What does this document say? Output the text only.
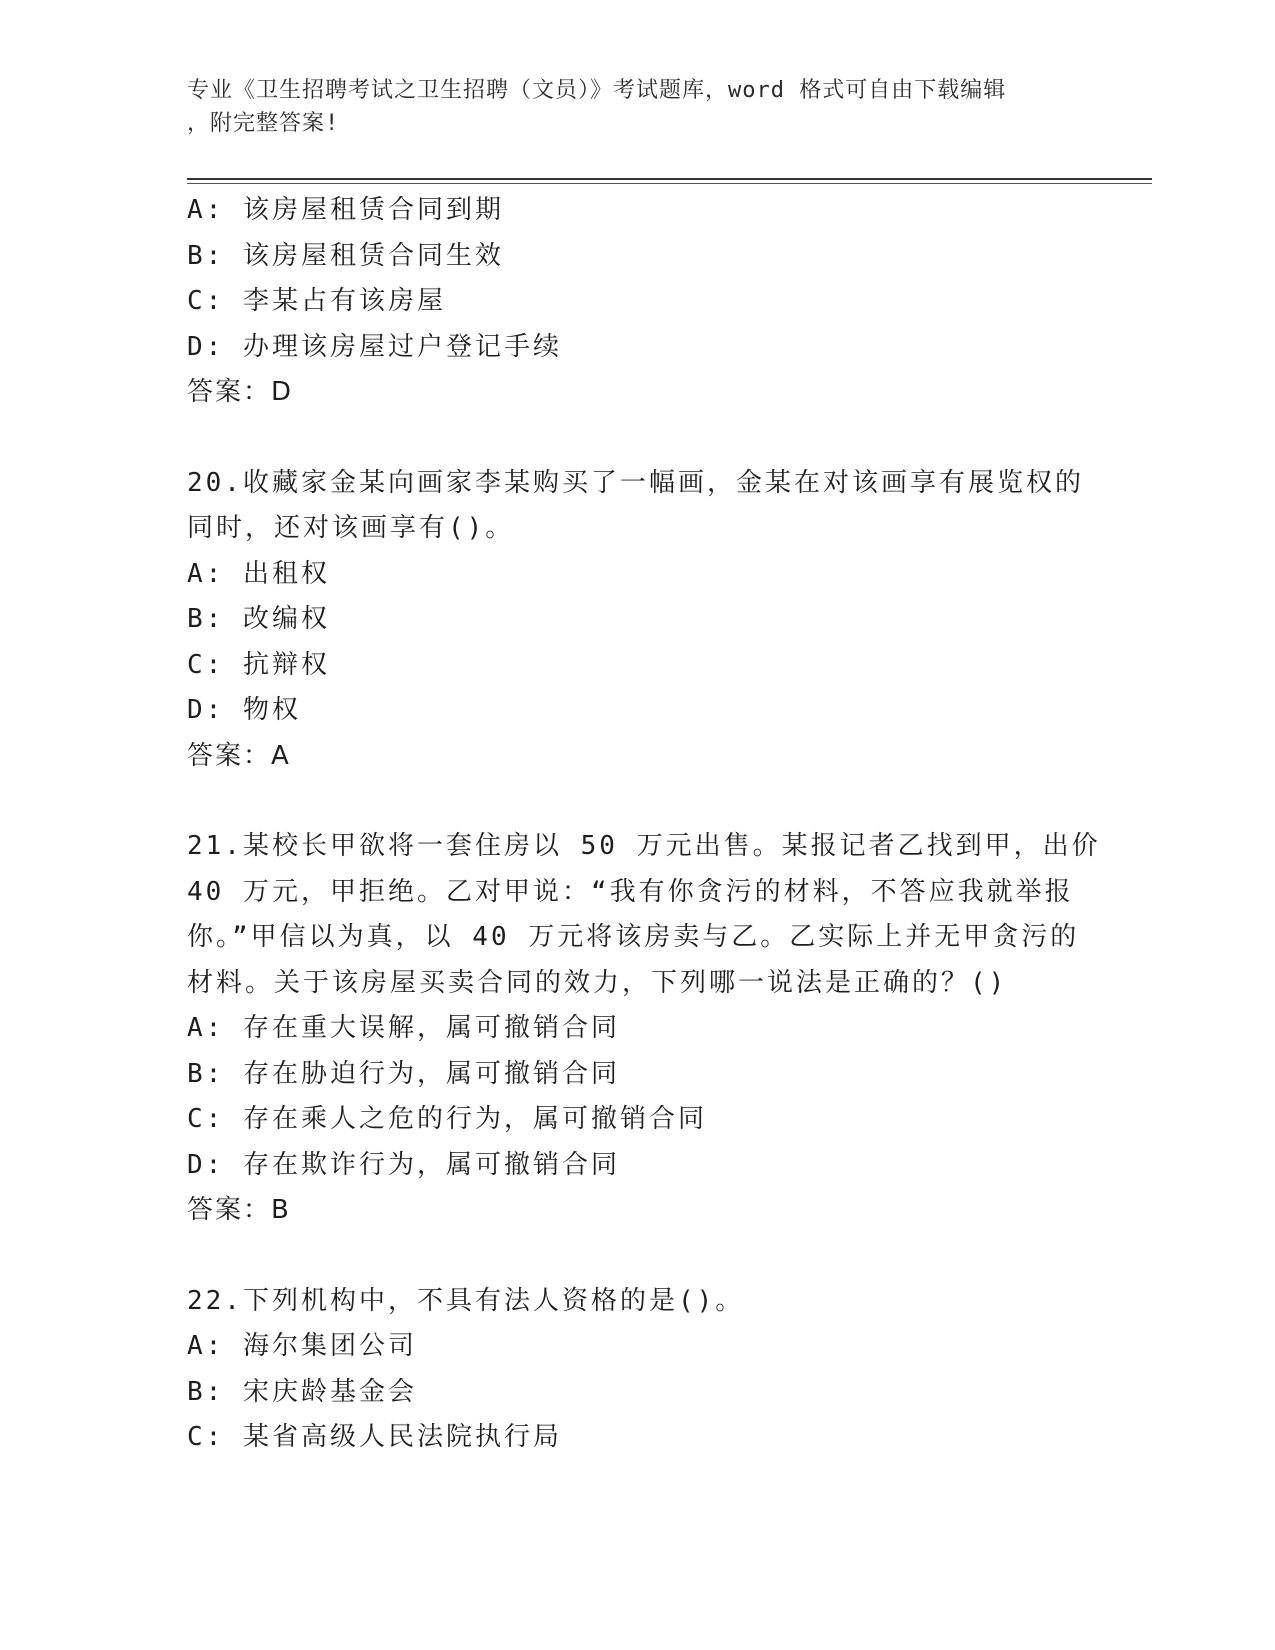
专业《卫生招聘考试之卫生招聘（文员）》考试题库，word 格式可自由下载编辑
，附完整答案!
A: 该房屋租赁合同到期
B: 该房屋租赁合同生效
C: 李某占有该房屋
D: 办理该房屋过户登记手续
答案：D
20.收藏家金某向画家李某购买了一幅画，金某在对该画享有展览权的
同时，还对该画享有()。
A: 出租权
B: 改编权
C: 抗辩权
D: 物权
答案：A
21.某校长甲欲将一套住房以 50 万元出售。某报记者乙找到甲，出价
40 万元，甲拒绝。乙对甲说：“我有你贪污的材料，不答应我就举报
你。”甲信以为真，以 40 万元将该房卖与乙。乙实际上并无甲贪污的
材料。关于该房屋买卖合同的效力，下列哪一说法是正确的？()
A: 存在重大误解，属可撤销合同
B: 存在胁迫行为，属可撤销合同
C: 存在乘人之危的行为，属可撤销合同
D: 存在欺诈行为，属可撤销合同
答案：B
22.下列机构中，不具有法人资格的是()。
A: 海尔集团公司
B: 宋庆龄基金会
C: 某省高级人民法院执行局
